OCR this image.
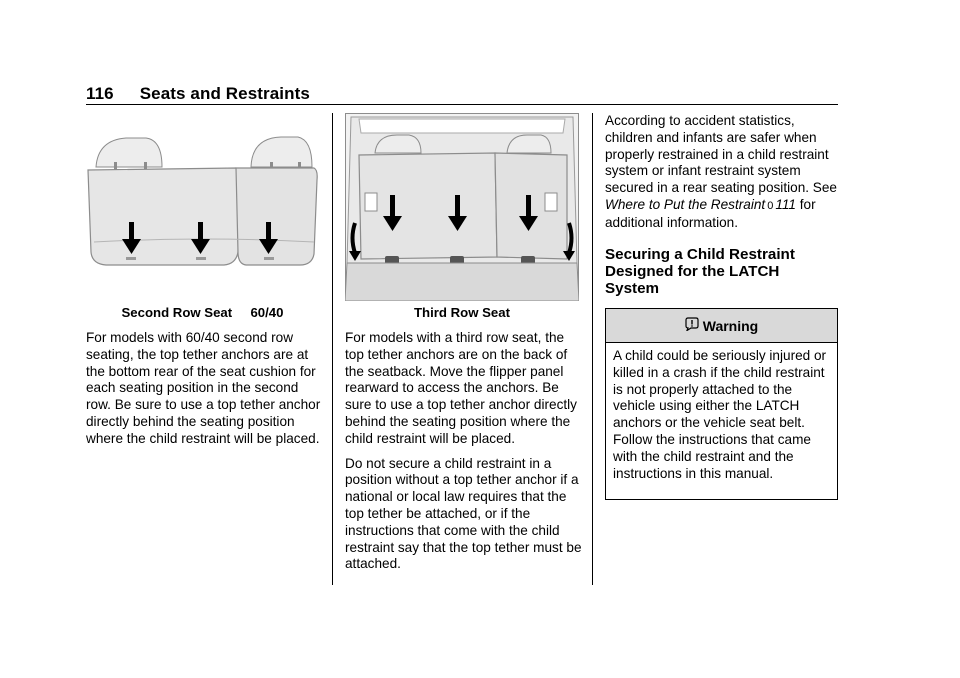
116 Seats and Restraints
Second Row Seat     60/40

For models with 60/40 second row seating, the top tether anchors are at the bottom rear of the seat cushion for each seating position in the second row. Be sure to use a top tether anchor directly behind the seating position where the child restraint will be placed.

Third Row Seat

For models with a third row seat, the top tether anchors are on the back of the seatback. Move the flipper panel rearward to access the anchors. Be sure to use a top tether anchor directly behind the seating position where the child restraint will be placed.

Do not secure a child restraint in a position without a top tether anchor if a national or local law requires that the top tether be attached, or if the instructions that come with the child restraint say that the top tether must be attached.

According to accident statistics, children and infants are safer when properly restrained in a child restraint system or infant restraint system secured in a rear seating position. See Where to Put the Restraint 0 111 for additional information.

Securing a Child Restraint Designed for the LATCH System
Warning
A child could be seriously injured or killed in a crash if the child restraint is not properly attached to the vehicle using either the LATCH anchors or the vehicle seat belt.  Follow the instructions that came with the child restraint and the instructions in this manual.
